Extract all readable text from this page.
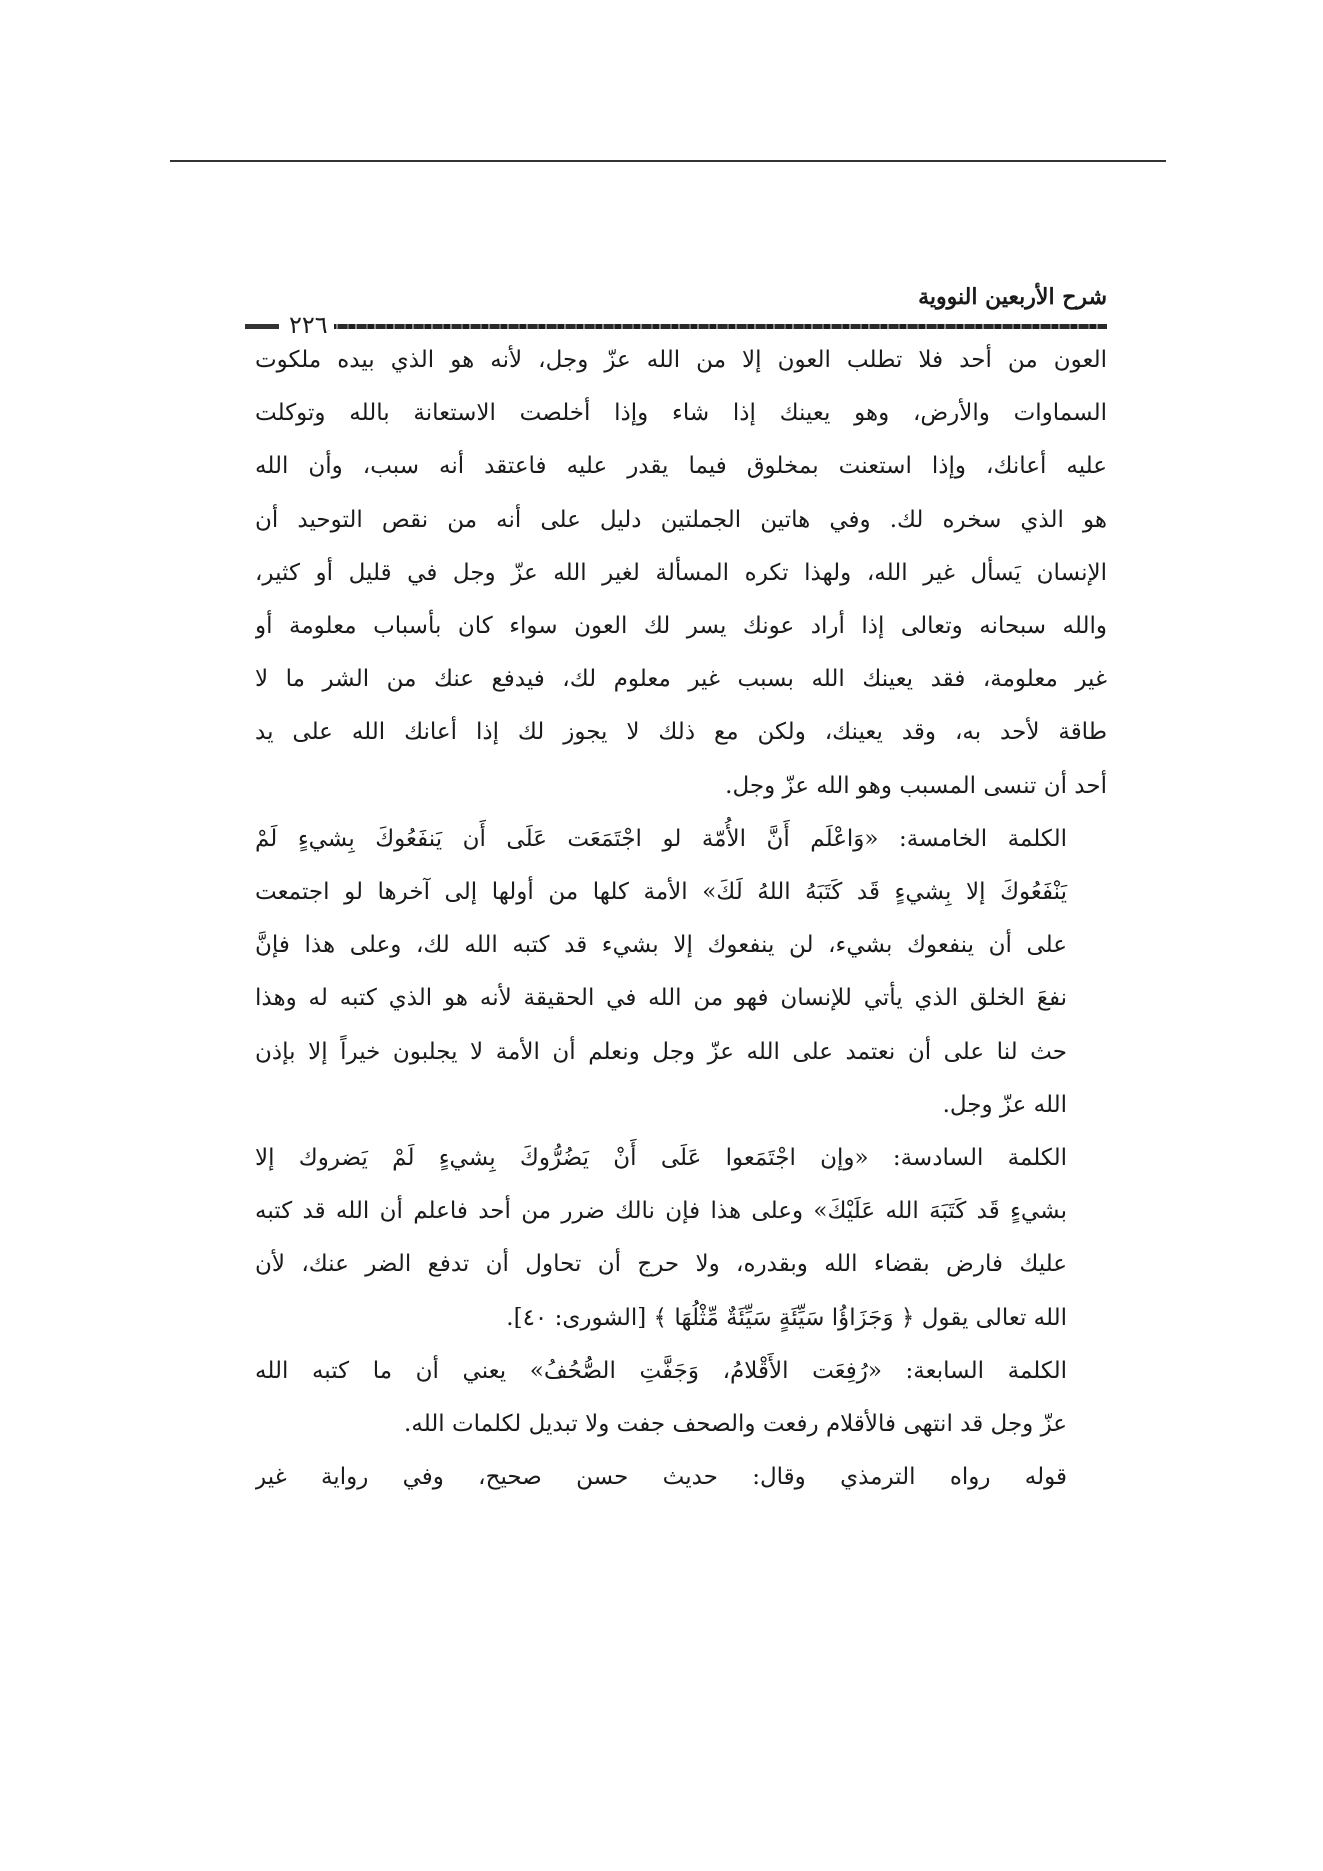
شرح الأربعين النووية
٢٢٦

العون من أحد فلا تطلب العون إلا من الله عزّ وجل، لأنه هو الذي بيده ملكوت
السماوات والأرض، وهو يعينك إذا شاء وإذا أخلصت الاستعانة بالله وتوكلت
عليه أعانك، وإذا استعنت بمخلوق فيما يقدر عليه فاعتقد أنه سبب، وأن الله
هو الذي سخره لك. وفي هاتين الجملتين دليل على أنه من نقص التوحيد أن
الإنسان يَسأل غير الله، ولهذا تكره المسألة لغير الله عزّ وجل في قليل أو كثير،
والله سبحانه وتعالى إذا أراد عونك يسر لك العون سواء كان بأسباب معلومة أو
غير معلومة، فقد يعينك الله بسبب غير معلوم لك، فيدفع عنك من الشر ما لا
طاقة لأحد به، وقد يعينك، ولكن مع ذلك لا يجوز لك إذا أعانك الله على يد
أحد أن تنسى المسبب وهو الله عزّ وجل.

الكلمة الخامسة: «وَاعْلَم أَنَّ الأُمّة لو اجْتَمَعَت عَلَى أَن يَنفَعُوكَ بِشيءٍ لَمْ
يَنْفَعُوكَ إلا بِشيءٍ قَد كَتَبَهُ اللهُ لَكَ» الأمة كلها من أولها إلى آخرها لو اجتمعت
على أن ينفعوك بشيء، لن ينفعوك إلا بشيء قد كتبه الله لك، وعلى هذا فإنَّ
نفعَ الخلق الذي يأتي للإنسان فهو من الله في الحقيقة لأنه هو الذي كتبه له وهذا
حث لنا على أن نعتمد على الله عزّ وجل ونعلم أن الأمة لا يجلبون خيراً إلا بإذن
الله عزّ وجل.

الكلمة السادسة: «وإن اجْتَمَعوا عَلَى أَنْ يَضُرُّوكَ بِشيءٍ لَمْ يَضروك إلا
بشيءٍ قَد كَتَبَهَ الله عَلَيْكَ» وعلى هذا فإن نالك ضرر من أحد فاعلم أن الله قد كتبه
عليك فارض بقضاء الله وبقدره، ولا حرج أن تحاول أن تدفع الضر عنك، لأن
الله تعالى يقول ﴿ وَجَزَاؤُا سَيِّئَةٍ سَيِّئَةٌ مِّثْلُهَا ﴾ [الشورى: ٤٠].

الكلمة السابعة: «رُفِعَت الأَقْلامُ، وَجَفَّتِ الصُّحُفُ» يعني أن ما كتبه الله
عزّ وجل قد انتهى فالأقلام رفعت والصحف جفت ولا تبديل لكلمات الله.

قوله رواه الترمذي وقال: حديث حسن صحيح، وفي رواية غير
